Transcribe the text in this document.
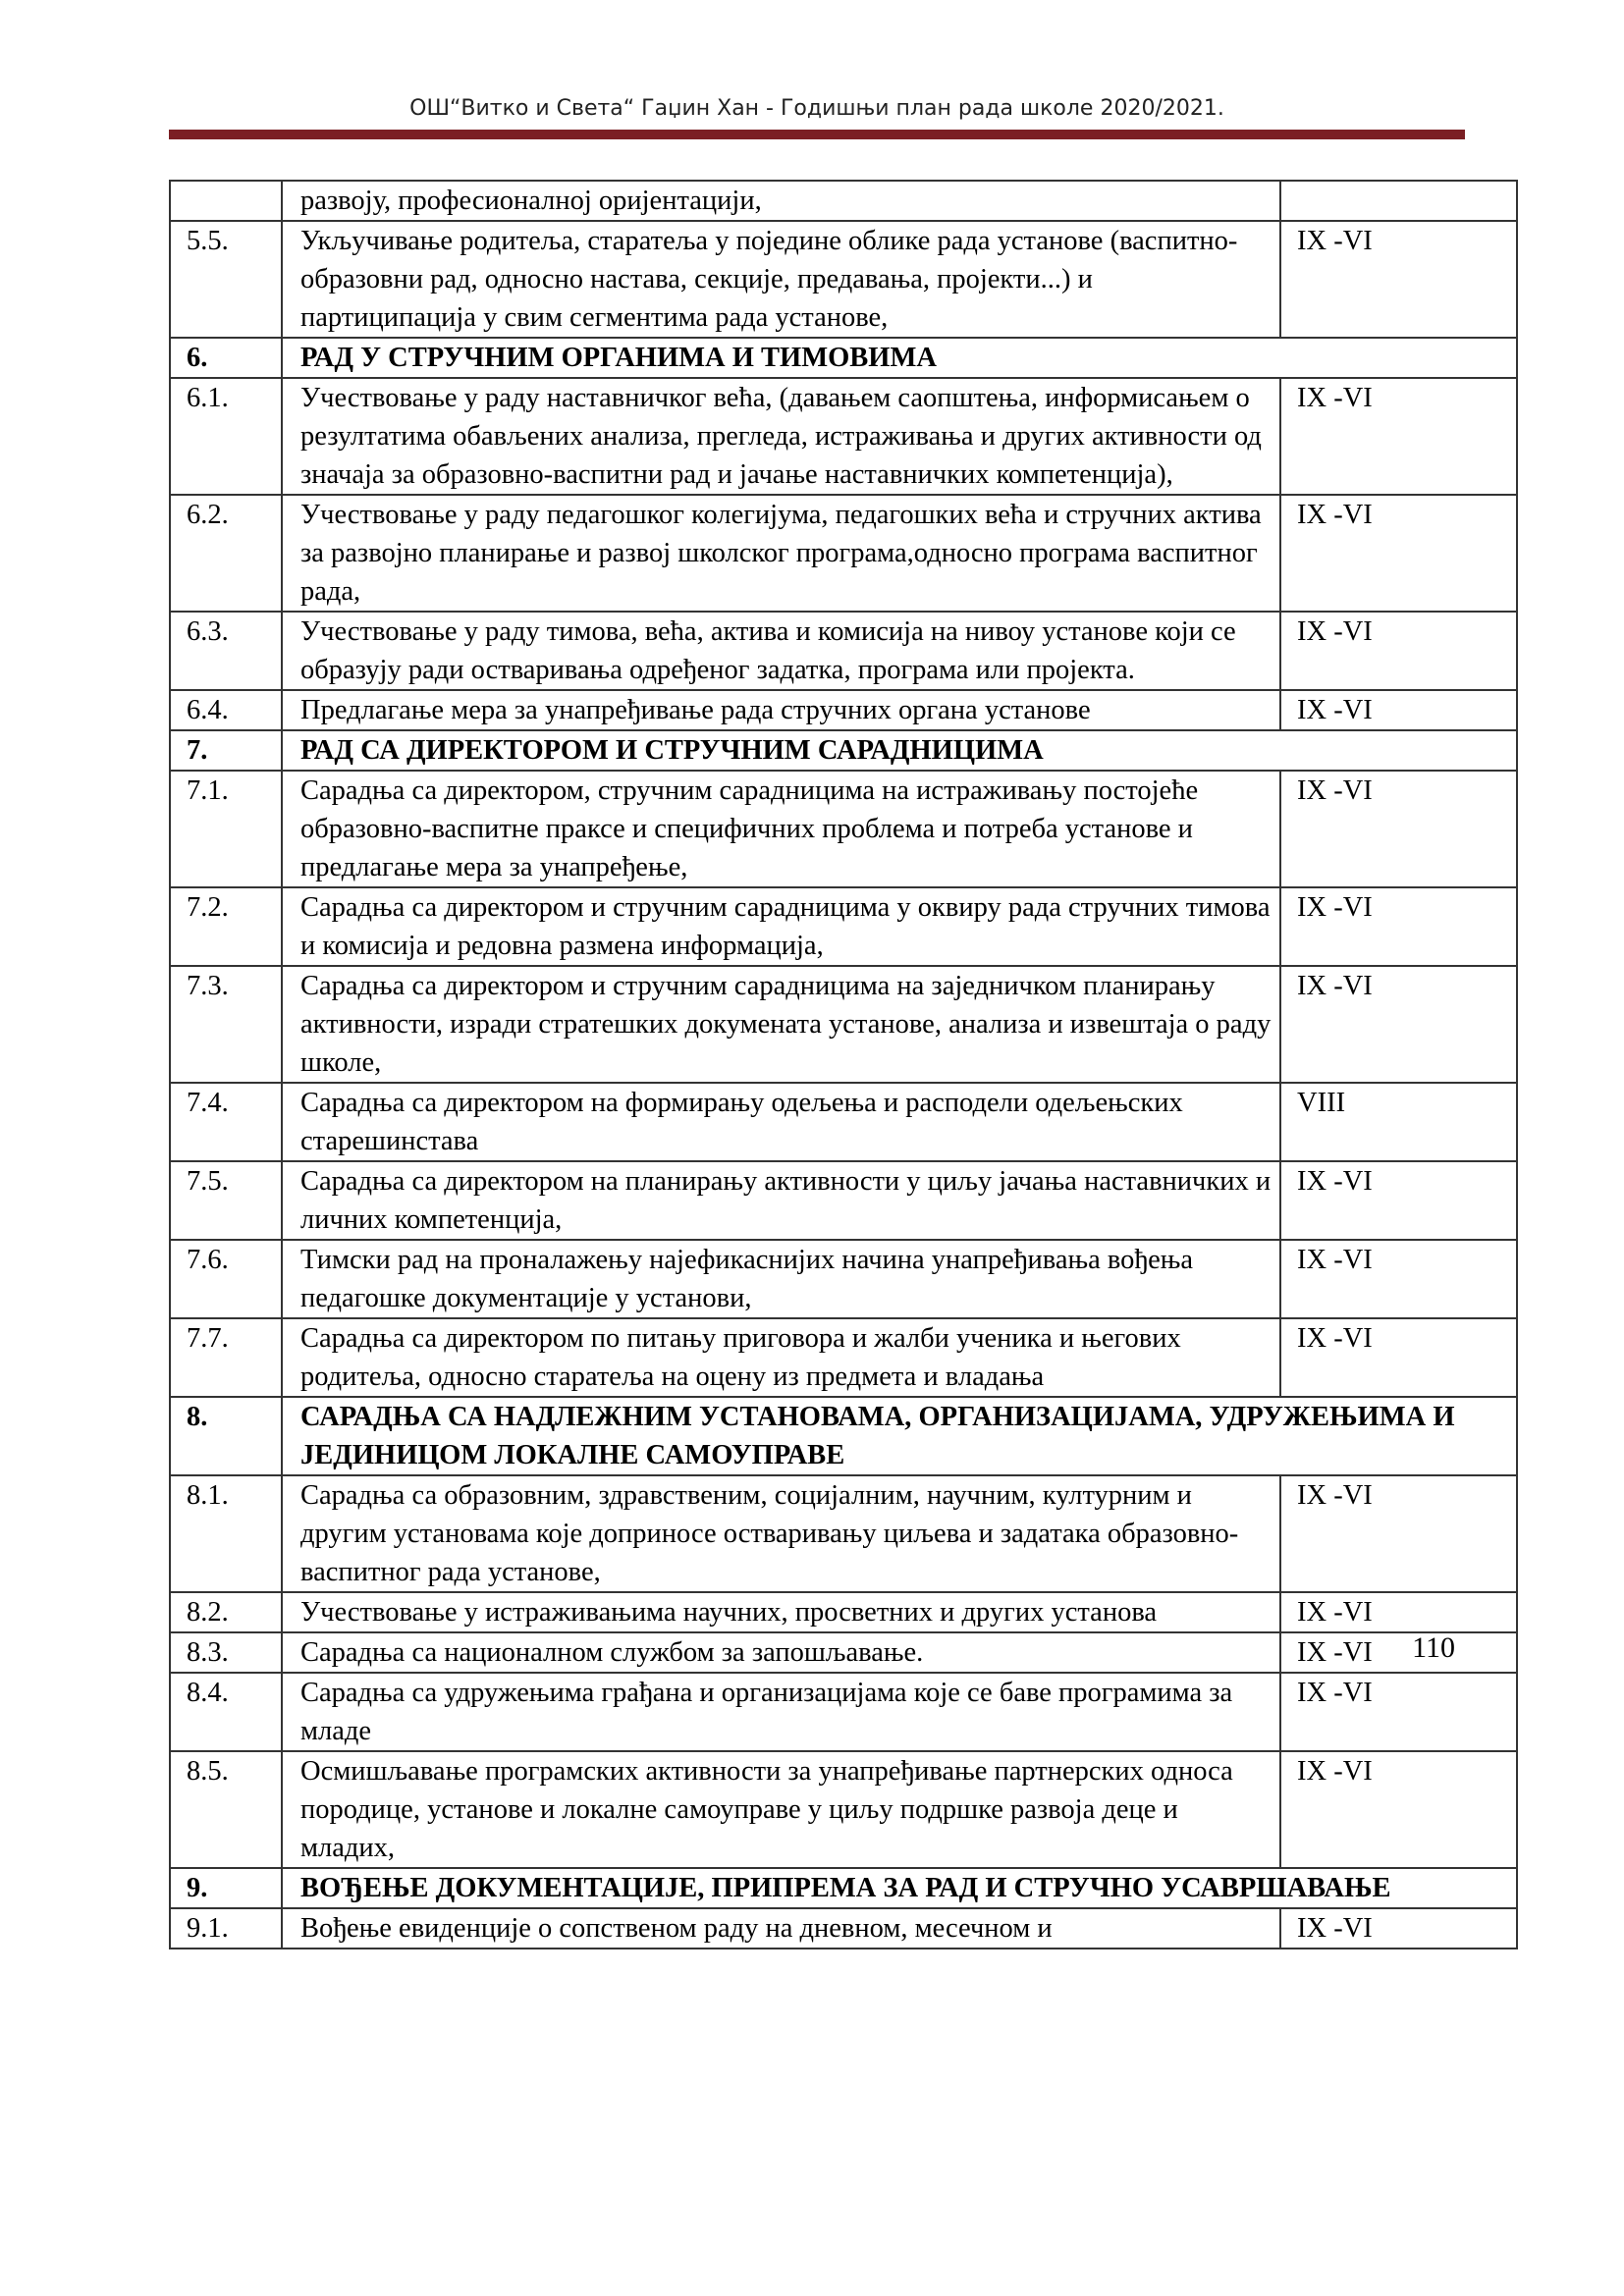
ОШ“Витко и Света“ Гаџин Хан - Годишњи план рада школе 2020/2021.
	развоју, професионалној оријентацији,	
5.5.	Укључивање родитеља, старатеља у поједине облике рада установе (васпитно-образовни рад, односно настава, секције, предавања, пројекти...) и партиципација у свим сегментима рада установе,	IX -VI
6.	РАД У СТРУЧНИМ ОРГАНИМА И ТИМОВИМА	
6.1.	Учествовање у раду наставничког већа, (давањем саопштења, информисањем о резултатима обављених анализа, прегледа, истраживања и других активности од значаја за образовно-васпитни рад и јачање наставничких компетенција),	IX -VI
6.2.	Учествовање у раду педагошког колегијума, педагошких већа и стручних актива за развојно планирање и развој школског програма,односно програма васпитног рада,	IX -VI
6.3.	Учествовање у раду тимова, већа, актива и комисија на нивоу установе који се образују ради остваривања одређеног задатка, програма или пројекта.	IX -VI
6.4.	Предлагање мера за унапређивање рада стручних органа установе	IX -VI
7.	РАД СА ДИРЕКТОРОМ И СТРУЧНИМ САРАДНИЦИМА	
7.1.	Сарадња са директором, стручним сарадницима на истраживању постојеће образовно-васпитне праксе и специфичних проблема и потреба установе и предлагање мера за унапређење,	IX -VI
7.2.	Сарадња са директором и стручним сарадницима у оквиру рада стручних тимова и комисија и редовна размена информација,	IX -VI
7.3.	Сарадња са директором и стручним сарадницима на заједничком планирању активности, изради стратешких докумената установе, анализа и извештаја о раду школе,	IX -VI
7.4.	Сарадња са директором на формирању одељења и расподели одељењских старешинстава	VIII
7.5.	Сарадња са директором на планирању активности у циљу јачања наставничких и личних компетенција,	IX -VI
7.6.	Тимски рад на проналажењу најефикаснијих начина унапређивања вођења педагошке документације у установи,	IX -VI
7.7.	Сарадња са директором по питању приговора и жалби ученика и његових родитеља, односно старатеља на оцену из предмета и владања	IX -VI
8.	САРАДЊА СА НАДЛЕЖНИМ УСТАНОВАМА, ОРГАНИЗАЦИЈАМА, УДРУЖЕЊИМА И ЈЕДИНИЦОМ ЛОКАЛНЕ САМОУПРАВЕ	
8.1.	Сарадња са образовним, здравственим, социјалним, научним, културним и другим установама које доприносе остваривању циљева и задатака образовно-васпитног рада установе,	IX -VI
8.2.	Учествовање у истраживањима научних, просветних и других установа	IX -VI
8.3.	Сарадња са националном службом за запошљавање.	IX -VI
8.4.	Сарадња са удружењима грађана и организацијама које се баве програмима за младе	IX -VI
8.5.	Осмишљавање програмских активности за унапређивање партнерских односа породице, установе и локалне самоуправе у циљу подршке развоја деце и младих,	IX -VI
9.	ВОЂЕЊЕ ДОКУМЕНТАЦИЈЕ, ПРИПРЕМА ЗА РАД И СТРУЧНО УСАВРШАВАЊЕ	
9.1.	Вођење евиденције о сопственом раду на дневном, месечном и	IX -VI
110
